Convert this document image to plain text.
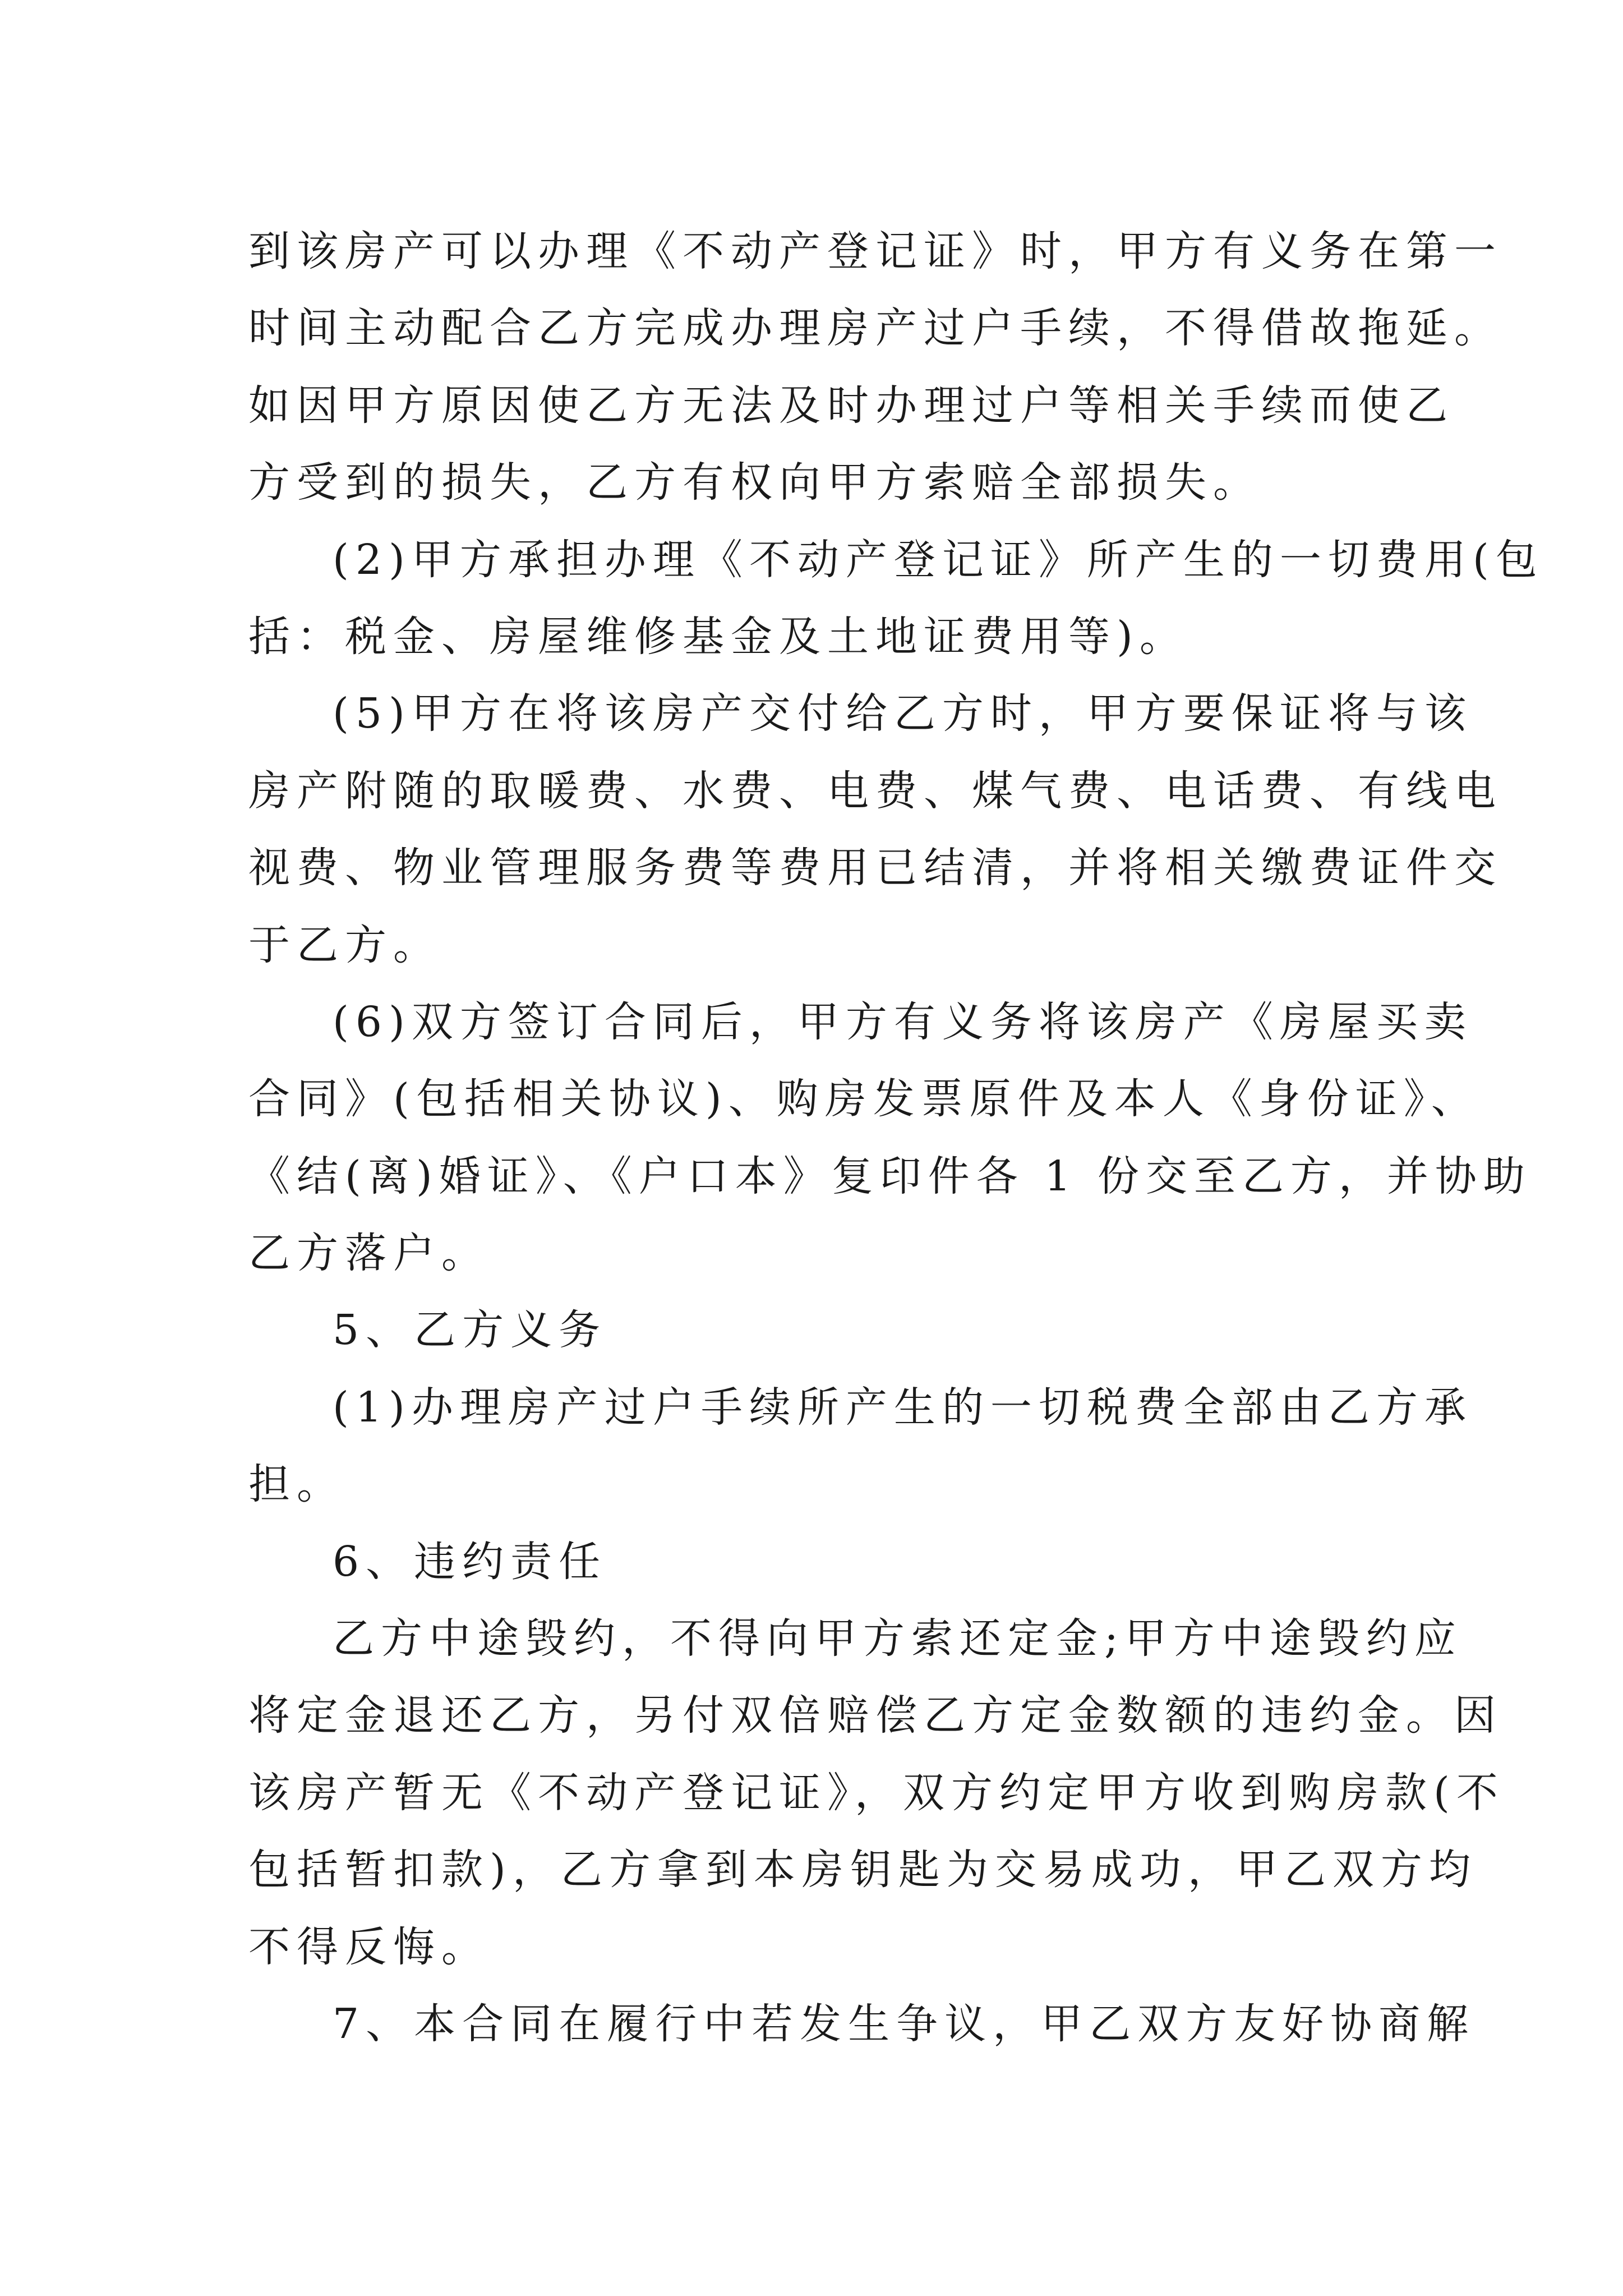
到该房产可以办理《不动产登记证》时，甲方有义务在第一
时间主动配合乙方完成办理房产过户手续，不得借故拖延。
如因甲方原因使乙方无法及时办理过户等相关手续而使乙
方受到的损失，乙方有权向甲方索赔全部损失。
(2)甲方承担办理《不动产登记证》所产生的一切费用(包
括：税金、房屋维修基金及土地证费用等)。
(5)甲方在将该房产交付给乙方时，甲方要保证将与该
房产附随的取暖费、水费、电费、煤气费、电话费、有线电
视费、物业管理服务费等费用已结清，并将相关缴费证件交
于乙方。
(6)双方签订合同后，甲方有义务将该房产《房屋买卖
合同》(包括相关协议)、购房发票原件及本人《身份证》、
《结(离)婚证》、《户口本》复印件各 1 份交至乙方，并协助
乙方落户。
5、乙方义务
(1)办理房产过户手续所产生的一切税费全部由乙方承
担。
6、违约责任
乙方中途毁约，不得向甲方索还定金;甲方中途毁约应
将定金退还乙方，另付双倍赔偿乙方定金数额的违约金。因
该房产暂无《不动产登记证》，双方约定甲方收到购房款(不
包括暂扣款)，乙方拿到本房钥匙为交易成功，甲乙双方均
不得反悔。
7、本合同在履行中若发生争议，甲乙双方友好协商解
